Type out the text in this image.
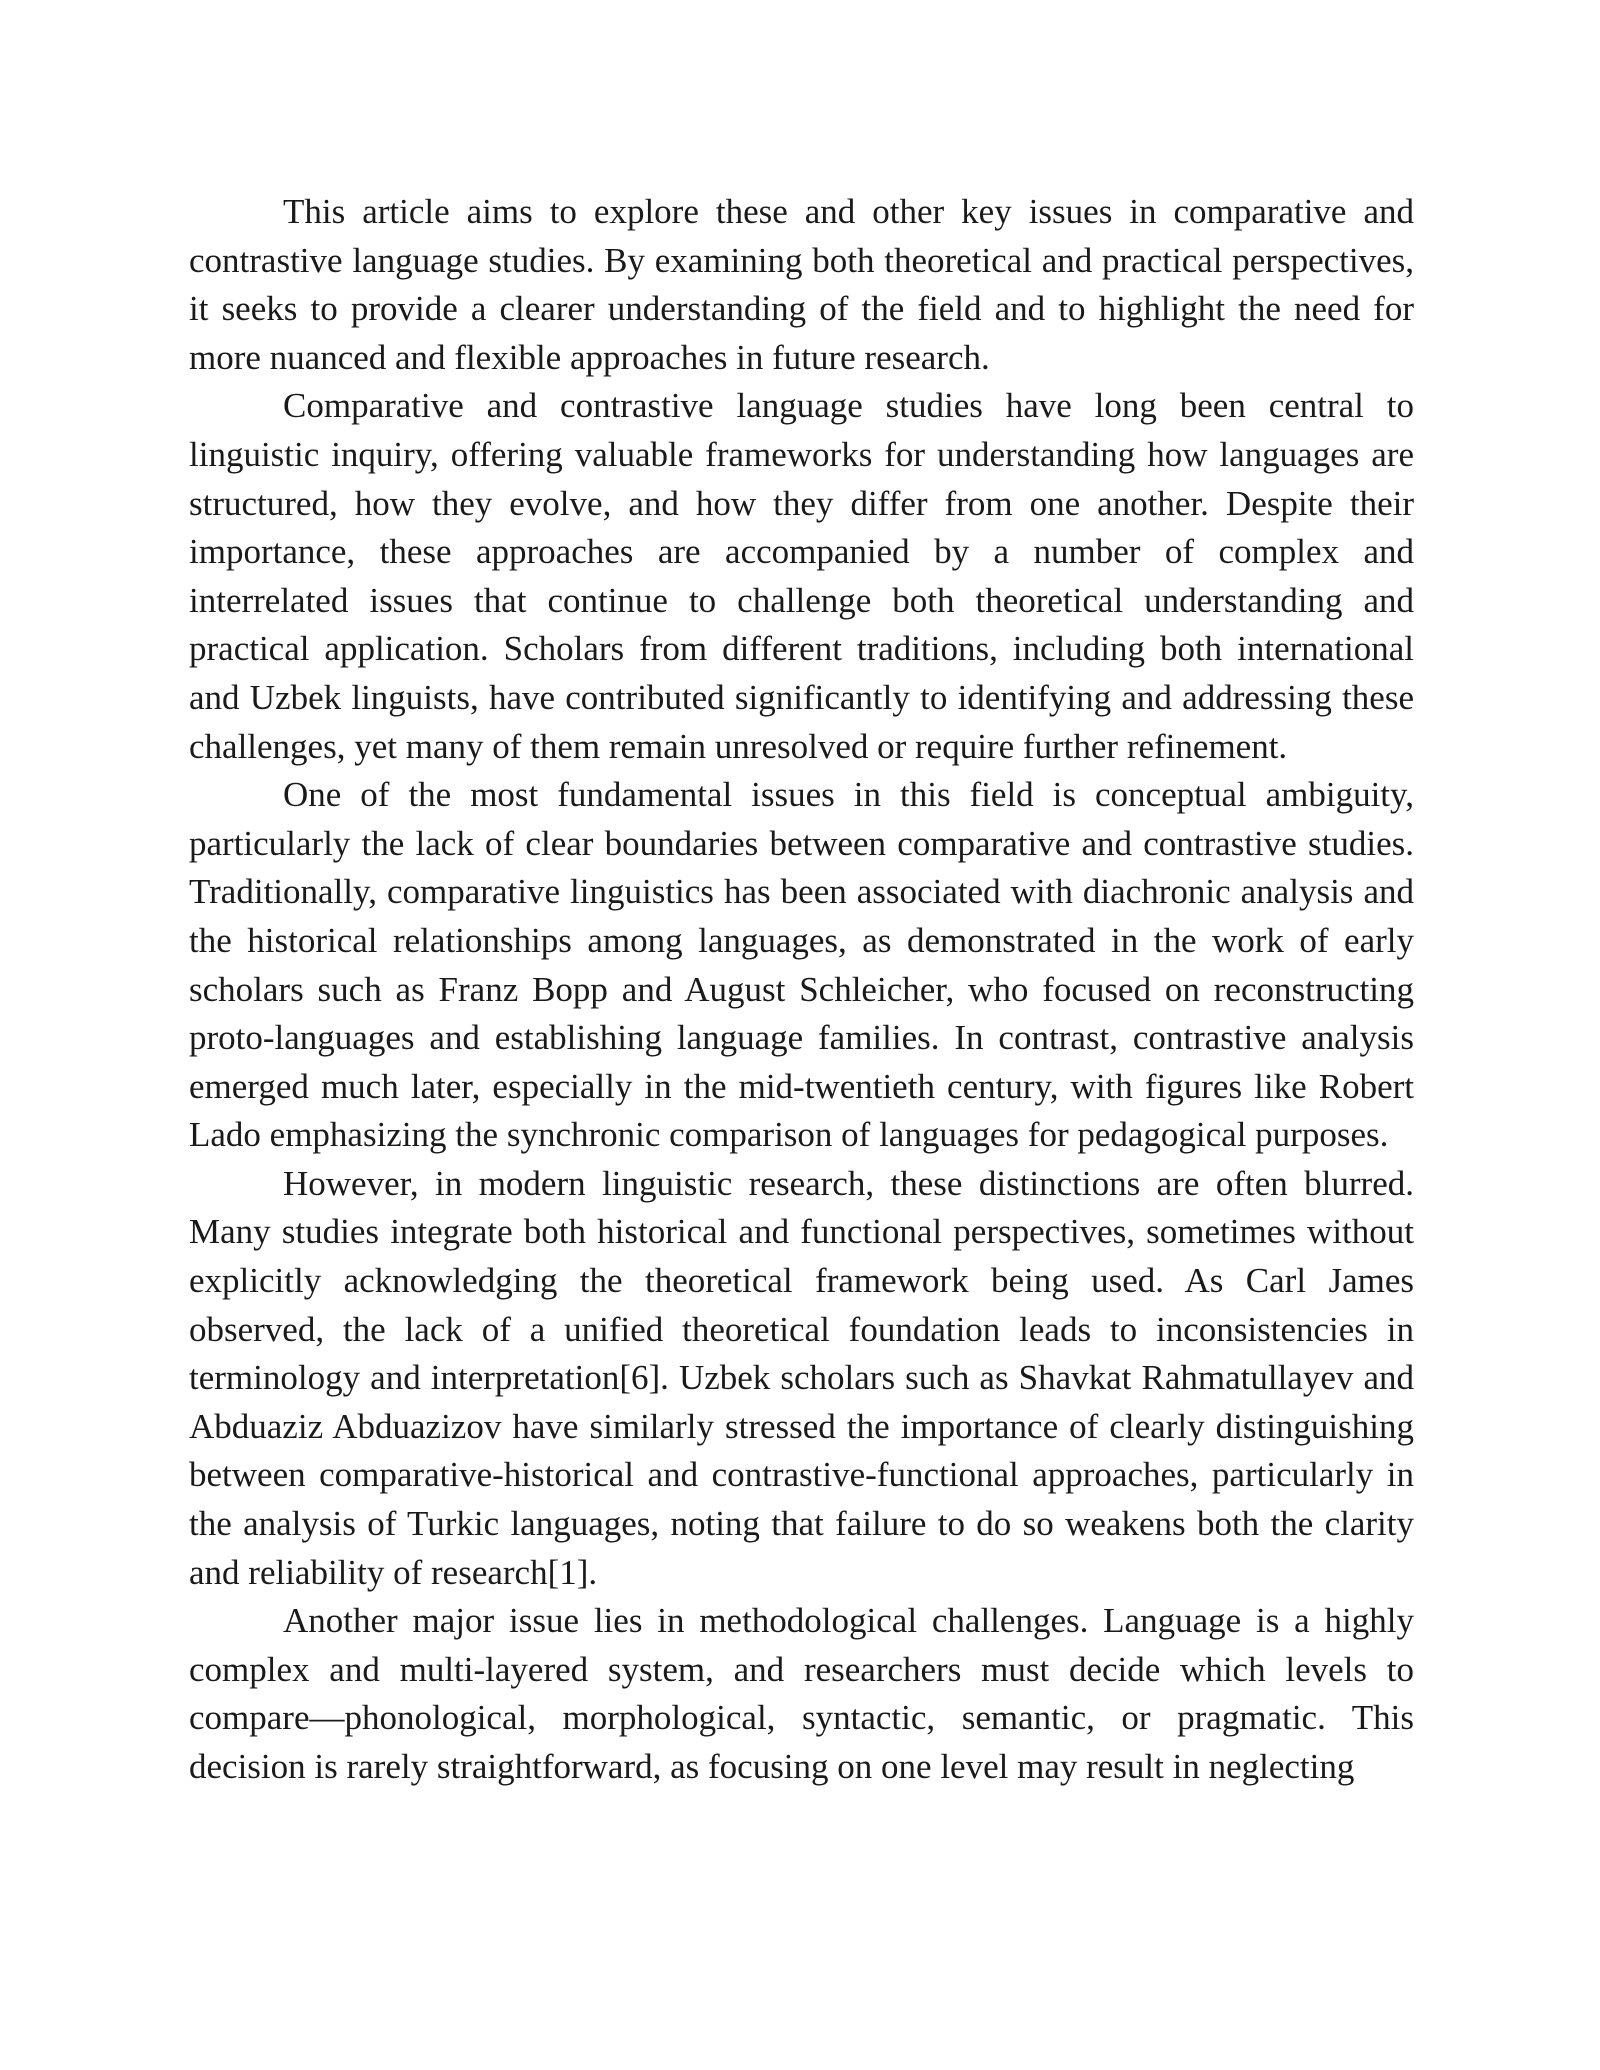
This article aims to explore these and other key issues in comparative and contrastive language studies. By examining both theoretical and practical perspectives, it seeks to provide a clearer understanding of the field and to highlight the need for more nuanced and flexible approaches in future research.

Comparative and contrastive language studies have long been central to linguistic inquiry, offering valuable frameworks for understanding how languages are structured, how they evolve, and how they differ from one another. Despite their importance, these approaches are accompanied by a number of complex and interrelated issues that continue to challenge both theoretical understanding and practical application. Scholars from different traditions, including both international and Uzbek linguists, have contributed significantly to identifying and addressing these challenges, yet many of them remain unresolved or require further refinement.

One of the most fundamental issues in this field is conceptual ambiguity, particularly the lack of clear boundaries between comparative and contrastive studies. Traditionally, comparative linguistics has been associated with diachronic analysis and the historical relationships among languages, as demonstrated in the work of early scholars such as Franz Bopp and August Schleicher, who focused on reconstructing proto-languages and establishing language families. In contrast, contrastive analysis emerged much later, especially in the mid-twentieth century, with figures like Robert Lado emphasizing the synchronic comparison of languages for pedagogical purposes.

However, in modern linguistic research, these distinctions are often blurred. Many studies integrate both historical and functional perspectives, sometimes without explicitly acknowledging the theoretical framework being used. As Carl James observed, the lack of a unified theoretical foundation leads to inconsistencies in terminology and interpretation[6]. Uzbek scholars such as Shavkat Rahmatullayev and Abduaziz Abduazizov have similarly stressed the importance of clearly distinguishing between comparative-historical and contrastive-functional approaches, particularly in the analysis of Turkic languages, noting that failure to do so weakens both the clarity and reliability of research[1].

Another major issue lies in methodological challenges. Language is a highly complex and multi-layered system, and researchers must decide which levels to compare—phonological, morphological, syntactic, semantic, or pragmatic. This decision is rarely straightforward, as focusing on one level may result in neglecting
